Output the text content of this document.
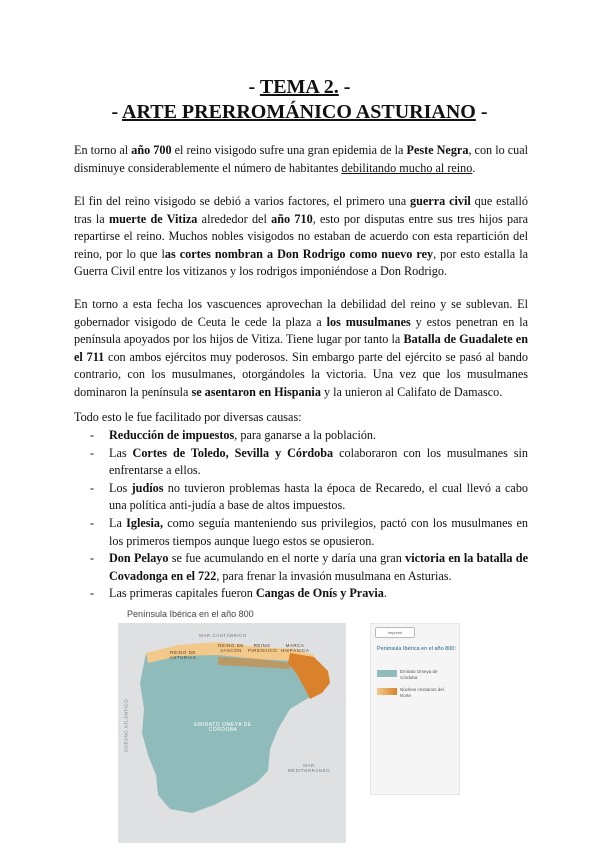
- TEMA 2. -
- ARTE PRERROMÁNICO ASTURIANO -

En torno al año 700 el reino visigodo sufre una gran epidemia de la Peste Negra, con lo cual disminuye considerablemente el número de habitantes debilitando mucho al reino.

El fin del reino visigodo se debió a varios factores, el primero una guerra civil que estalló tras la muerte de Vitiza alrededor del año 710, esto por disputas entre sus tres hijos para repartirse el reino. Muchos nobles visigodos no estaban de acuerdo con esta repartición del reino, por lo que las cortes nombran a Don Rodrigo como nuevo rey, por esto estalla la Guerra Civil entre los vitizanos y los rodrigos imponiéndose a Don Rodrigo.

En torno a esta fecha los vascuences aprovechan la debilidad del reino y se sublevan. El gobernador visigodo de Ceuta le cede la plaza a los musulmanes y estos penetran en la península apoyados por los hijos de Vitiza. Tiene lugar por tanto la Batalla de Guadalete en el 711 con ambos ejércitos muy poderosos. Sin embargo parte del ejército se pasó al bando contrario, con los musulmanes, otorgándoles la victoria. Una vez que los musulmanes dominaron la península se asentaron en Hispania y la unieron al Califato de Damasco.

Todo esto le fue facilitado por diversas causas:

- Reducción de impuestos, para ganarse a la población.
- Las Cortes de Toledo, Sevilla y Córdoba colaboraron con los musulmanes sin enfrentarse a ellos.
- Los judíos no tuvieron problemas hasta la época de Recaredo, el cual llevó a cabo una política anti-judía a base de altos impuestos.
- La Iglesia, como seguía manteniendo sus privilegios, pactó con los musulmanes en los primeros tiempos aunque luego estos se opusieron.
- Don Pelayo se fue acumulando en el norte y daría una gran victoria en la batalla de Covadonga en el 722, para frenar la invasión musulmana en Asturias.
- Las primeras capitales fueron Cangas de Onís y Pravia.
Península Ibérica en el año 800
MAR CANTÁBRICO
REINO DE ASTURIAS
REINO DE VASCÓN
REINO PIRENAICO
MARCA HISPÁNICA
OCÉANO ATLÁNTICO	EMIRATO OMEYA DE CÓRDOBA
MAR MEDITERRÁNEO
Imprimir
Península Ibérica en el año 800:
Emirato Omeya de Córdoba
Núcleos cristianos del Norte
